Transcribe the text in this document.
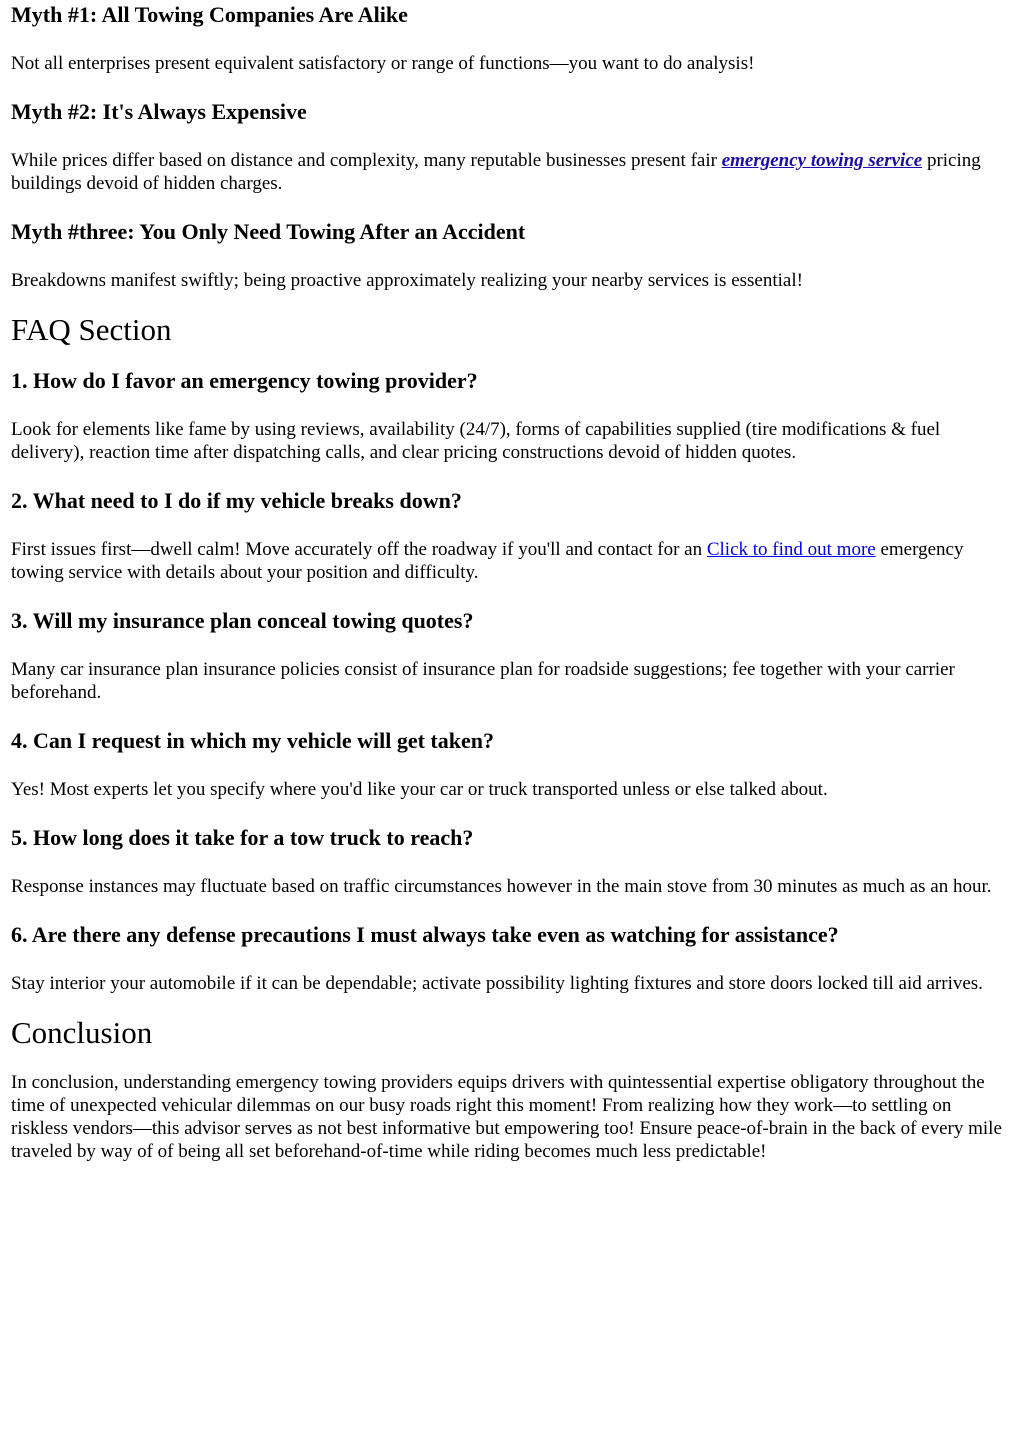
Myth #1: All Towing Companies Are Alike

Not all enterprises present equivalent satisfactory or range of functions—you want to do analysis!

Myth #2: It's Always Expensive

While prices differ based on distance and complexity, many reputable businesses present fair emergency towing service pricing buildings devoid of hidden charges.

Myth #three: You Only Need Towing After an Accident

Breakdowns manifest swiftly; being proactive approximately realizing your nearby services is essential!

FAQ Section
1. How do I favor an emergency towing provider?

Look for elements like fame by using reviews, availability (24/7), forms of capabilities supplied (tire modifications & fuel delivery), reaction time after dispatching calls, and clear pricing constructions devoid of hidden quotes.

2. What need to I do if my vehicle breaks down?

First issues first—dwell calm! Move accurately off the roadway if you'll and contact for an Click to find out more emergency towing service with details about your position and difficulty.

3. Will my insurance plan conceal towing quotes?

Many car insurance plan insurance policies consist of insurance plan for roadside suggestions; fee together with your carrier beforehand.

4. Can I request in which my vehicle will get taken?

Yes! Most experts let you specify where you'd like your car or truck transported unless or else talked about.

5. How long does it take for a tow truck to reach?

Response instances may fluctuate based on traffic circumstances however in the main stove from 30 minutes as much as an hour.

6. Are there any defense precautions I must always take even as watching for assistance?

Stay interior your automobile if it can be dependable; activate possibility lighting fixtures and store doors locked till aid arrives.

Conclusion

In conclusion, understanding emergency towing providers equips drivers with quintessential expertise obligatory throughout the time of unexpected vehicular dilemmas on our busy roads right this moment! From realizing how they work—to settling on riskless vendors—this advisor serves as not best informative but empowering too! Ensure peace-of-brain in the back of every mile traveled by way of of being all set beforehand-of-time while riding becomes much less predictable!
